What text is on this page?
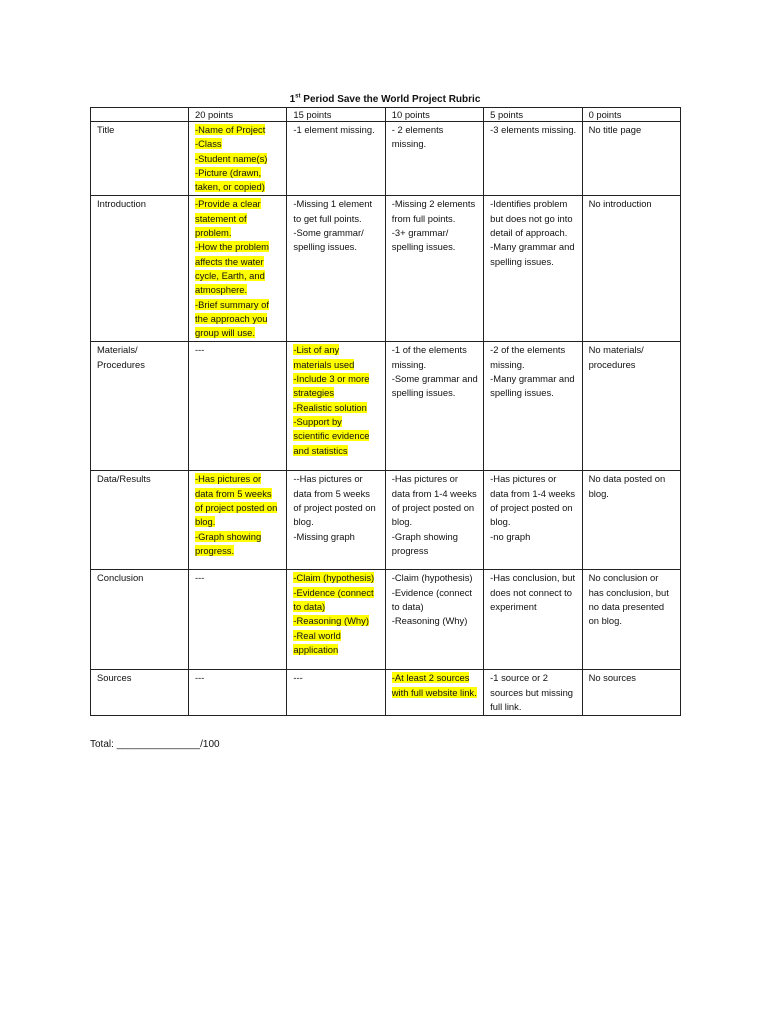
1st Period Save the World Project Rubric
	20 points	15 points	10 points	5 points	0 points
Title	-Name of Project
-Class
-Student name(s)
-Picture (drawn, taken, or copied)	-1 element missing.	- 2 elements missing.	-3 elements missing.	No title page

Introduction	-Provide a clear statement of problem.
-How the problem affects the water cycle, Earth, and atmosphere.
-Brief summary of the approach you group will use.	-Missing 1 element to get full points.
-Some grammar/ spelling issues.	-Missing 2 elements from full points.
-3+ grammar/ spelling issues.	-Identifies problem but does not go into detail of approach.
-Many grammar and spelling issues.	No introduction

Materials/ Procedures	---	-List of any materials used
-Include 3 or more strategies
-Realistic solution
-Support by scientific evidence and statistics	-1 of the elements missing.
-Some grammar and spelling issues.	-2 of the elements missing.
-Many grammar and spelling issues.	No materials/ procedures

Data/Results	-Has pictures or data from 5 weeks of project posted on blog.
-Graph showing progress.	--Has pictures or data from 5 weeks of project posted on blog.
-Missing graph	-Has pictures or data from 1-4 weeks of project posted on blog.
-Graph showing progress	-Has pictures or data from 1-4 weeks of project posted on blog.
-no graph	No data posted on blog.

Conclusion	---	-Claim (hypothesis)
-Evidence (connect to data)
-Reasoning (Why)
-Real world application	-Claim (hypothesis)
-Evidence (connect to data)
-Reasoning (Why)	-Has conclusion, but does not connect to experiment	No conclusion or has conclusion, but no data presented on blog.

Sources	---	---	-At least 2 sources with full website link.	-1 source or 2 sources but missing full link.	No sources
Total: _______________/100
